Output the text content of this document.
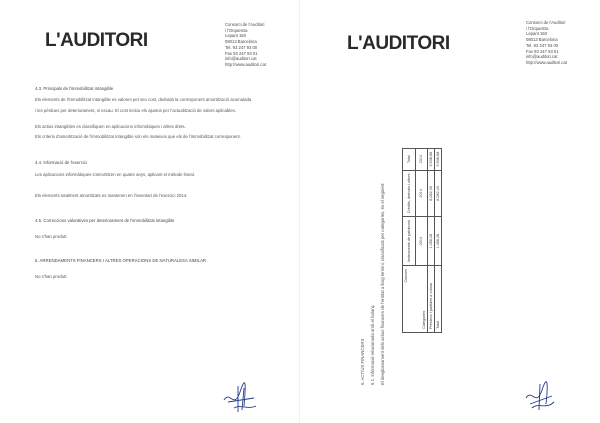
L'AUDITORI
Consorci de l'Auditori
i l'Orquestra
Lepant 150
08013 Barcelona
Tel. 93 247 93 00
Fax 93 247 93 01
info@auditori.cat
http://www.auditori.cat
4.3. Principals de l'immobilitzat intangible
Els elements de l'immobilitzat intangible es valoren pel seu cost, deduïda la corresponent amortització acumulada
i les pèrdues per deteriorament, si escau. El cost inclou els ajustos per l'actualització de valors aplicables.
Els actius intangibles es classifiquen en aplicacions informàtiques i altres drets.
Els criteris d'amortització de l'immobilitzat intangible són els mateixos que els de l'immobilitzat corresponent.
4.4. Informació de l'exercici
Les aplicacions informàtiques s'amortitzen en quatre anys, aplicant el mètode lineal.
Els elements totalment amortitzats es mantenen en l'inventari de l'exercici 2014.
4.5. Correccions valoratives per deteriorament de l'immobilitzat intangible
No s'han produït.
5. ARRENDAMENTS FINANCERS I ALTRES OPERACIONS DE NATURALESA SIMILAR
No s'han produït.
L'AUDITORI
Consorci de l'Auditori
i l'Orquestra
Lepant 150
08013 Barcelona
Tel. 93 247 93 00
Fax 93 247 93 01
info@auditori.cat
http://www.auditori.cat
6. ACTIUS FINANCERS 6.1. Informació relacionada amb el balanç El desglossament dels actius financers de l'entitat a llarg termini, classificats per categories, és el següent:	Classes
Categories	Instruments de patrimoni	Crèdits, derivats i altres	Total
	2014	2014	2014
Préstecs i partides a cobrar	1.456,28	8.082,40	9.538,68
Total	1.456,28	8.082,40	9.538,68
